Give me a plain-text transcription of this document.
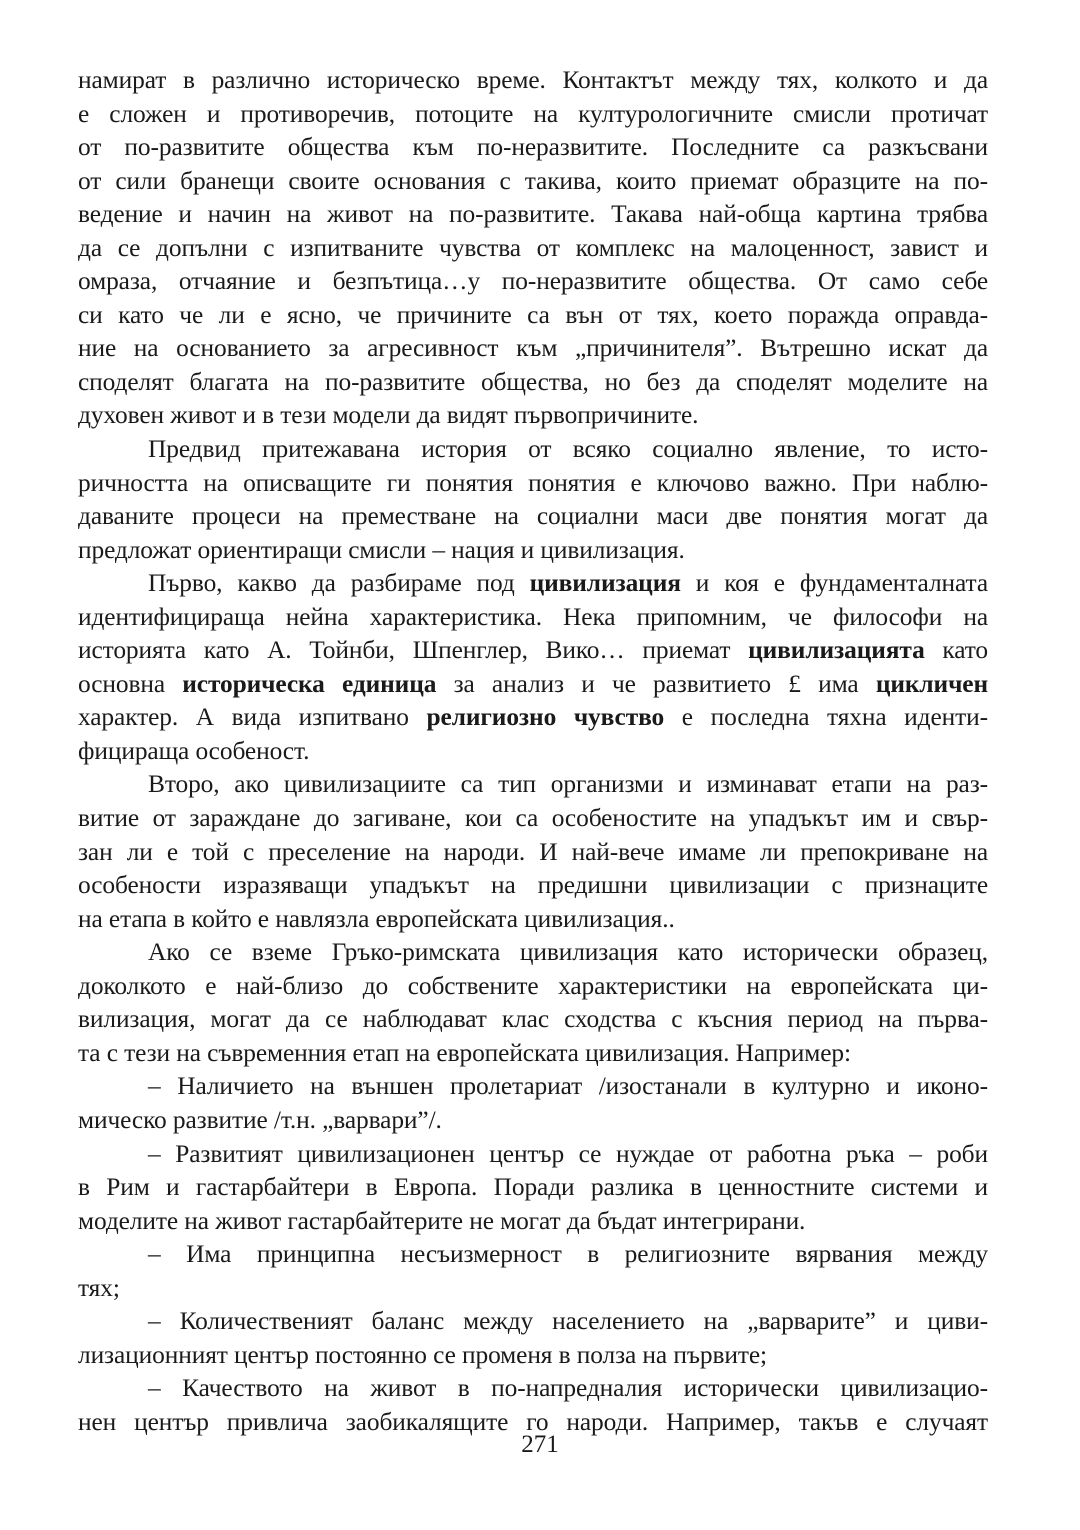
намират в различно историческо време. Контактът между тях, колкото и да
е сложен и противоречив, потоците на културологичните смисли протичат
от по-развитите общества към по-неразвитите. Последните са разкъсвани
от сили бранещи своите основания с такива, които приемат образците на по-
ведение и начин на живот на по-развитите. Такава най-обща картина трябва
да се допълни с изпитваните чувства от комплекс на малоценност, завист и
омраза, отчаяние и безпътица…у по-неразвитите общества. От само себе
си като че ли е ясно, че причините са вън от тях, което поражда оправда-
ние на основанието за агресивност към „причинителя”. Вътрешно искат да
споделят благата на по-развитите общества, но без да споделят моделите на
духовен живот и в тези модели да видят първопричините.
Предвид притежавана история от всяко социално явление, то исто-
ричността на описващите ги понятия понятия е ключово важно. При наблю-
даваните процеси на преместване на социални маси две понятия могат да
предложат ориентиращи смисли – нация и цивилизация.
Първо, какво да разбираме под цивилизация и коя е фундаменталната
идентифицираща нейна характеристика. Нека припомним, че философи на
историята като А. Тойнби, Шпенглер, Вико… приемат цивилизацията като
основна историческа единица за анализ и че развитието £ има цикличен
характер. А вида изпитвано религиозно чувство е последна тяхна иденти-
фицираща особеност.
Второ, ако цивилизациите са тип организми и изминават етапи на раз-
витие от зараждане до загиване, кои са особеностите на упадъкът им и свър-
зан ли е той с преселение на народи. И най-вече имаме ли препокриване на
особености изразяващи упадъкът на предишни цивилизации с признаците
на етапа в който е навлязла европейската цивилизация..
Ако се вземе Гръко-римската цивилизация като исторически образец,
доколкото е най-близо до собствените характеристики на европейската ци-
вилизация, могат да се наблюдават клас сходства с късния период на първа-
та с тези на съвременния етап на европейската цивилизация. Например:
– Наличието на външен пролетариат /изостанали в културно и иконо-
мическо развитие /т.н. „варвари”/.
– Развитият цивилизационен център се нуждае от работна ръка – роби
в Рим и гастарбайтери в Европа. Поради разлика в ценностните системи и
моделите на живот гастарбайтерите не могат да бъдат интегрирани.
– Има принципна несъизмерност в религиозните вярвания между
тях;
– Количественият баланс между населението на „варварите” и циви-
лизационният център постоянно се променя в полза на първите;
– Качеството на живот в по-напредналия исторически цивилизацио-
нен център привлича заобикалящите го народи. Например, такъв е случаят
271
